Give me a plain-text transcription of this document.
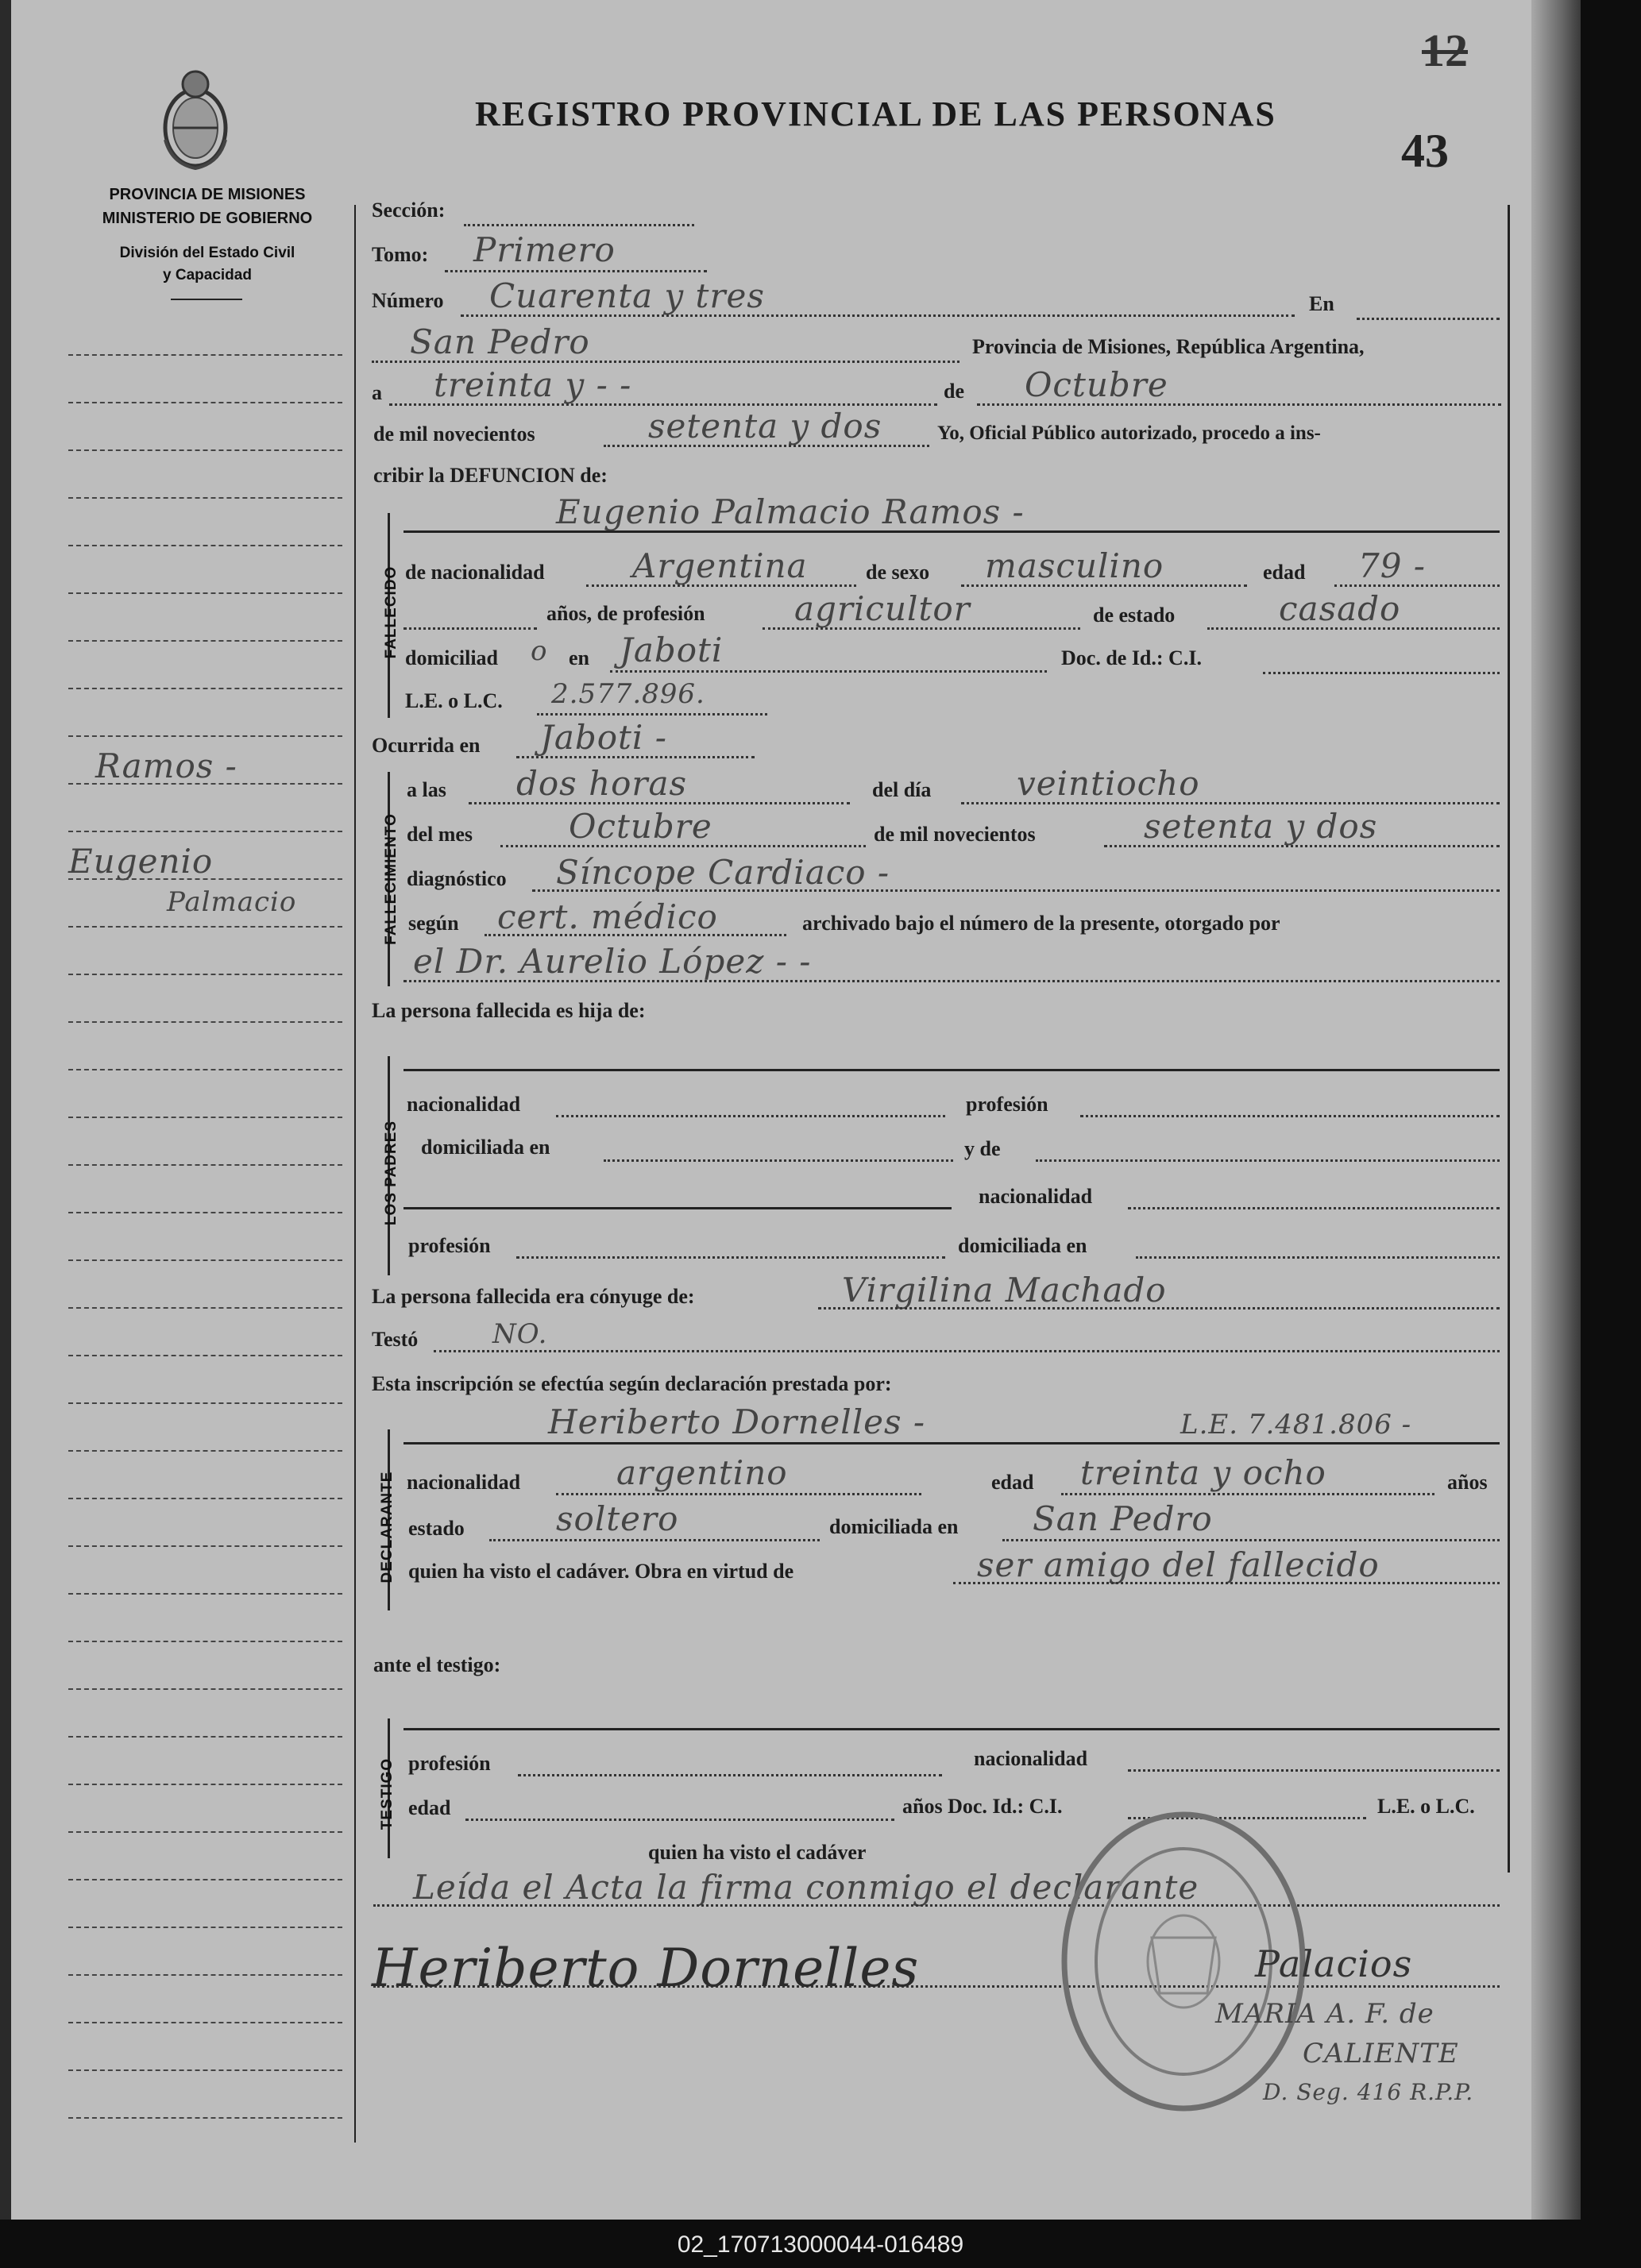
PROVINCIA DE MISIONES
MINISTERIO DE GOBIERNO
División del Estado Civil
y Capacidad
REGISTRO PROVINCIAL DE LAS PERSONAS
12
43
Ramos -
Eugenio
Palmacio
Sección:
Tomo: Primero
Número Cuarenta y tres	En
San Pedro	Provincia de Misiones, República Argentina,
a treinta y - -	de Octubre
de mil novecientos	setenta y dos	Yo, Oficial Público autorizado, procedo a ins-
cribir la DEFUNCION de:
FALLECIDO
Eugenio Palmacio Ramos -
de nacionalidad	Argentina	de sexo masculino	edad 79 -
años, de profesión	agricultor	de estado	casado
domiciliad o en Jaboti	Doc. de Id.: C.I.
L.E. o L.C. 2.577.896.
Ocurrida en Jaboti -
FALLECIMIENTO
a las dos horas	del día	veintiocho
del mes	Octubre	de mil novecientos	setenta y dos
diagnóstico Síncope Cardiaco -
según cert. médico	archivado bajo el número de la presente, otorgado por
el Dr. Aurelio López - -
La persona fallecida es hija de:
LOS PADRES
nacionalidad	profesión
domiciliada en	y de
nacionalidad
profesión	domiciliada en
La persona fallecida era cónyuge de:	Virgilina Machado
Testó	NO.
Esta inscripción se efectúa según declaración prestada por:
Heriberto Dornelles -	L.E. 7.481.806 -
DECLARANTE nacionalidad	argentino	edad treinta y ocho	años
estado	soltero	domiciliada en San Pedro
quien ha visto el cadáver. Obra en virtud de	ser amigo del fallecido
ante el testigo:
TESTIGO profesión	nacionalidad
edad	años Doc. Id.: C.I.	L.E. o L.C.
quien ha visto el cadáver
Leída el Acta la firma conmigo el declarante
Heriberto Dornelles	Palacios
MARIA A. F. de
CALIENTE
D. Seg. 416 R.P.P.
02_170713000044-016489
